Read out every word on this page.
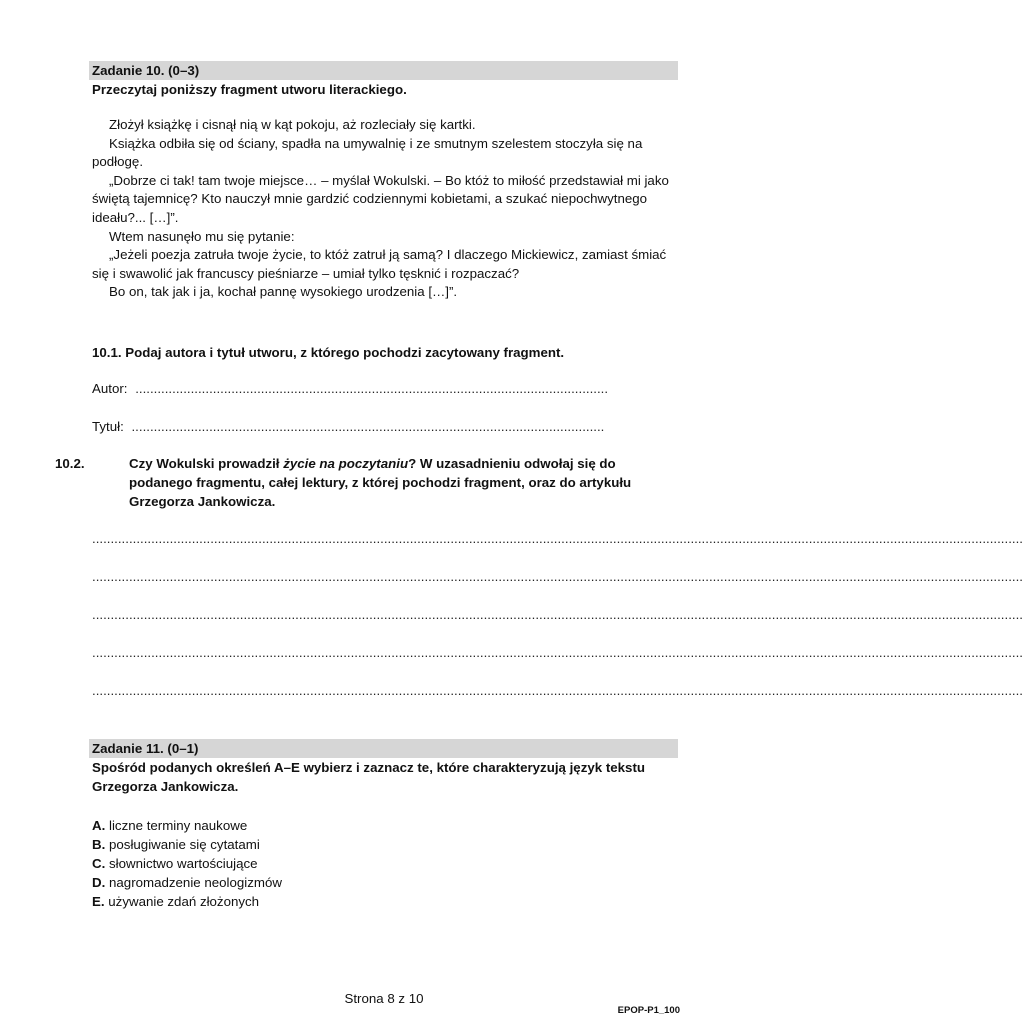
Zadanie 10. (0–3)
Przeczytaj poniższy fragment utworu literackiego.

Złożył książkę i cisnął nią w kąt pokoju, aż rozleciały się kartki.

Książka odbiła się od ściany, spadła na umywalnię i ze smutnym szelestem stoczyła się na podłogę.

„Dobrze ci tak! tam twoje miejsce… – myślał Wokulski. – Bo któż to miłość przedstawiał mi jako świętą tajemnicę? Kto nauczył mnie gardzić codziennymi kobietami, a szukać niepochwytnego ideału?... […]”.

Wtem nasunęło mu się pytanie:

„Jeżeli poezja zatruła twoje życie, to któż zatruł ją samą? I dlaczego Mickiewicz, zamiast śmiać się i swawolić jak francuscy pieśniarze – umiał tylko tęsknić i rozpaczać?

Bo on, tak jak i ja, kochał pannę wysokiego urodzenia […]”.

10.1. Podaj autora i tytuł utworu, z którego pochodzi zacytowany fragment.
Autor: ................................................................................................................................
Tytuł: ................................................................................................................................
10.2.	Czy Wokulski prowadził życie na poczytaniu? W uzasadnieniu odwołaj się do podanego fragmentu, całej lektury, z której pochodzi fragment, oraz do artykułu Grzegorza Jankowicza.
............................................................................................................................................................................................................................................................
............................................................................................................................................................................................................................................................
............................................................................................................................................................................................................................................................
............................................................................................................................................................................................................................................................
............................................................................................................................................................................................................................................................
Zadanie 11. (0–1)
Spośród podanych określeń A–E wybierz i zaznacz te, które charakteryzują język tekstu Grzegorza Jankowicza.
A. liczne terminy naukowe
B. posługiwanie się cytatami
C. słownictwo wartościujące
D. nagromadzenie neologizmów
E. używanie zdań złożonych
Strona 8 z 10
EPOP-P1_100
